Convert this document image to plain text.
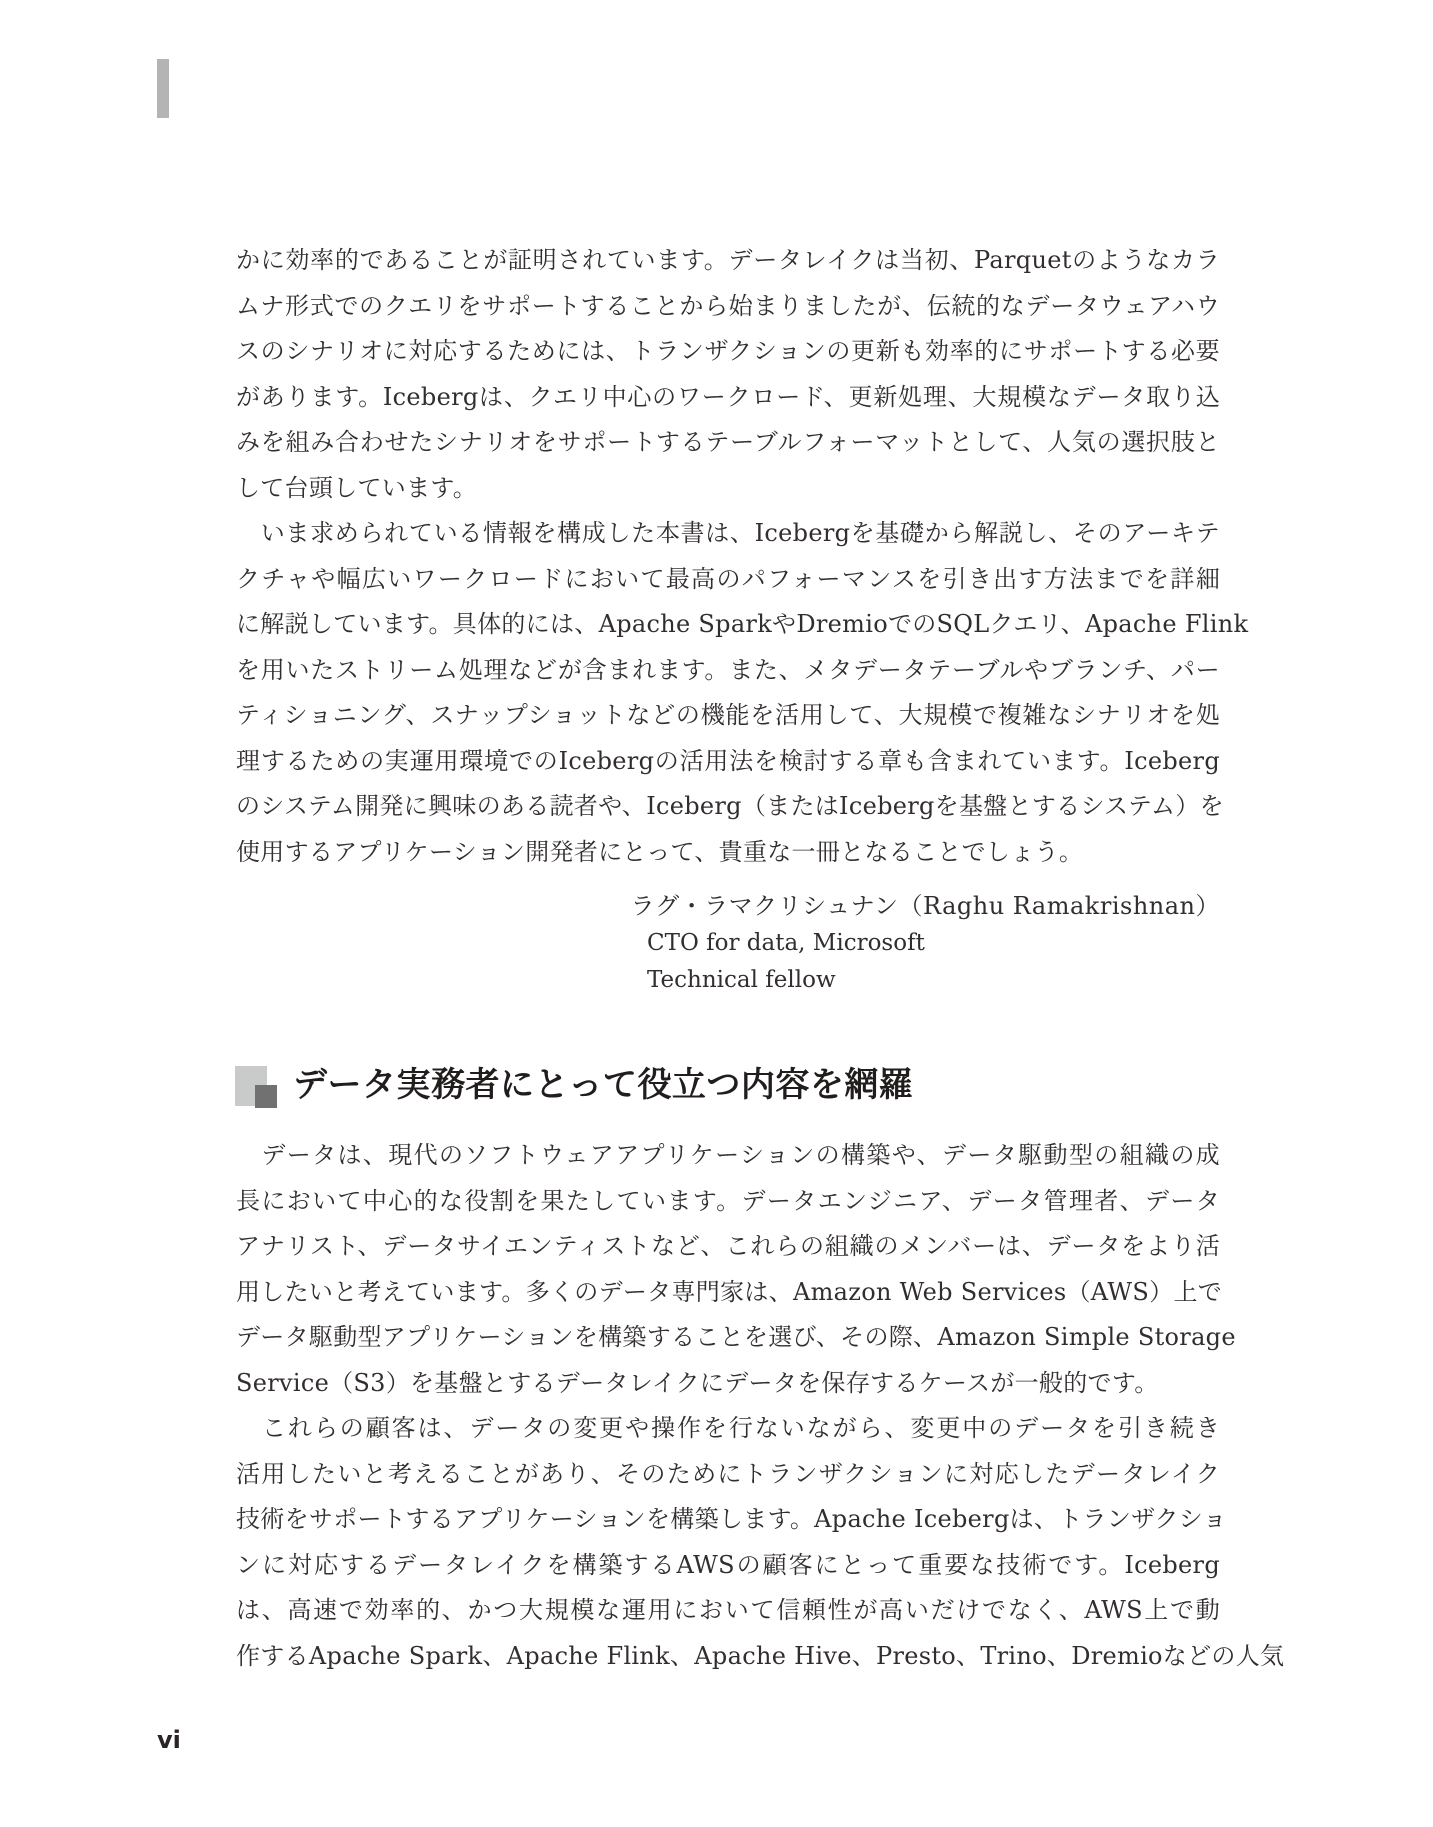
かに効率的であることが証明されています。データレイクは当初、Parquetのようなカラ
ムナ形式でのクエリをサポートすることから始まりましたが、伝統的なデータウェアハウ
スのシナリオに対応するためには、トランザクションの更新も効率的にサポートする必要
があります。Icebergは、クエリ中心のワークロード、更新処理、大規模なデータ取り込
みを組み合わせたシナリオをサポートするテーブルフォーマットとして、人気の選択肢と
して台頭しています。
　いま求められている情報を構成した本書は、Icebergを基礎から解説し、そのアーキテ
クチャや幅広いワークロードにおいて最高のパフォーマンスを引き出す方法までを詳細
に解説しています。具体的には、Apache SparkやDremioでのSQLクエリ、Apache Flink
を用いたストリーム処理などが含まれます。また、メタデータテーブルやブランチ、パー
ティショニング、スナップショットなどの機能を活用して、大規模で複雑なシナリオを処
理するための実運用環境でのIcebergの活用法を検討する章も含まれています。Iceberg
のシステム開発に興味のある読者や、Iceberg（またはIcebergを基盤とするシステム）を
使用するアプリケーション開発者にとって、貴重な一冊となることでしょう。
ラグ・ラマクリシュナン（Raghu Ramakrishnan）
CTO for data, Microsoft
Technical fellow
データ実務者にとって役立つ内容を網羅
　データは、現代のソフトウェアアプリケーションの構築や、データ駆動型の組織の成
長において中心的な役割を果たしています。データエンジニア、データ管理者、データ
アナリスト、データサイエンティストなど、これらの組織のメンバーは、データをより活
用したいと考えています。多くのデータ専門家は、Amazon Web Services（AWS）上で
データ駆動型アプリケーションを構築することを選び、その際、Amazon Simple Storage
Service（S3）を基盤とするデータレイクにデータを保存するケースが一般的です。
　これらの顧客は、データの変更や操作を行ないながら、変更中のデータを引き続き
活用したいと考えることがあり、そのためにトランザクションに対応したデータレイク
技術をサポートするアプリケーションを構築します。Apache Icebergは、トランザクショ
ンに対応するデータレイクを構築するAWSの顧客にとって重要な技術です。Iceberg
は、高速で効率的、かつ大規模な運用において信頼性が高いだけでなく、AWS上で動
作するApache Spark、Apache Flink、Apache Hive、Presto、Trino、Dremioなどの人気
vi
